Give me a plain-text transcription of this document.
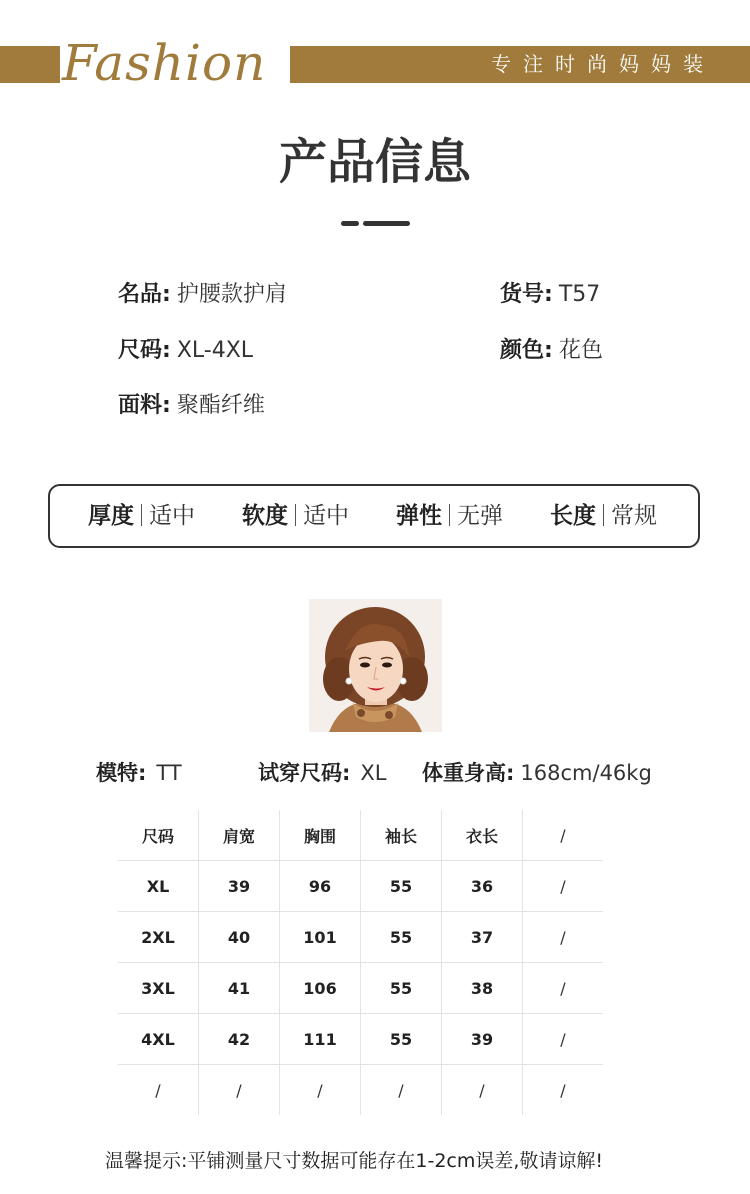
Fashion	专注时尚妈妈装
产品信息
名品: 护腰款护肩	货号: T57
尺码: XL-4XL	颜色: 花色
面料: 聚酯纤维
厚度 适中 软度 适中 弹性 无弹 长度 常规
模特: TT	试穿尺码: XL 体重身高: 168cm/46kg
尺码	肩宽	胸围	袖长	衣长	/
XL	39	96	55	36	/
2XL	40	101	55	37	/
3XL	41	106	55	38	/
4XL	42	111	55	39	/
/	/	/	/	/	/
温馨提示:平铺测量尺寸数据可能存在1-2cm误差,敬请谅解!
